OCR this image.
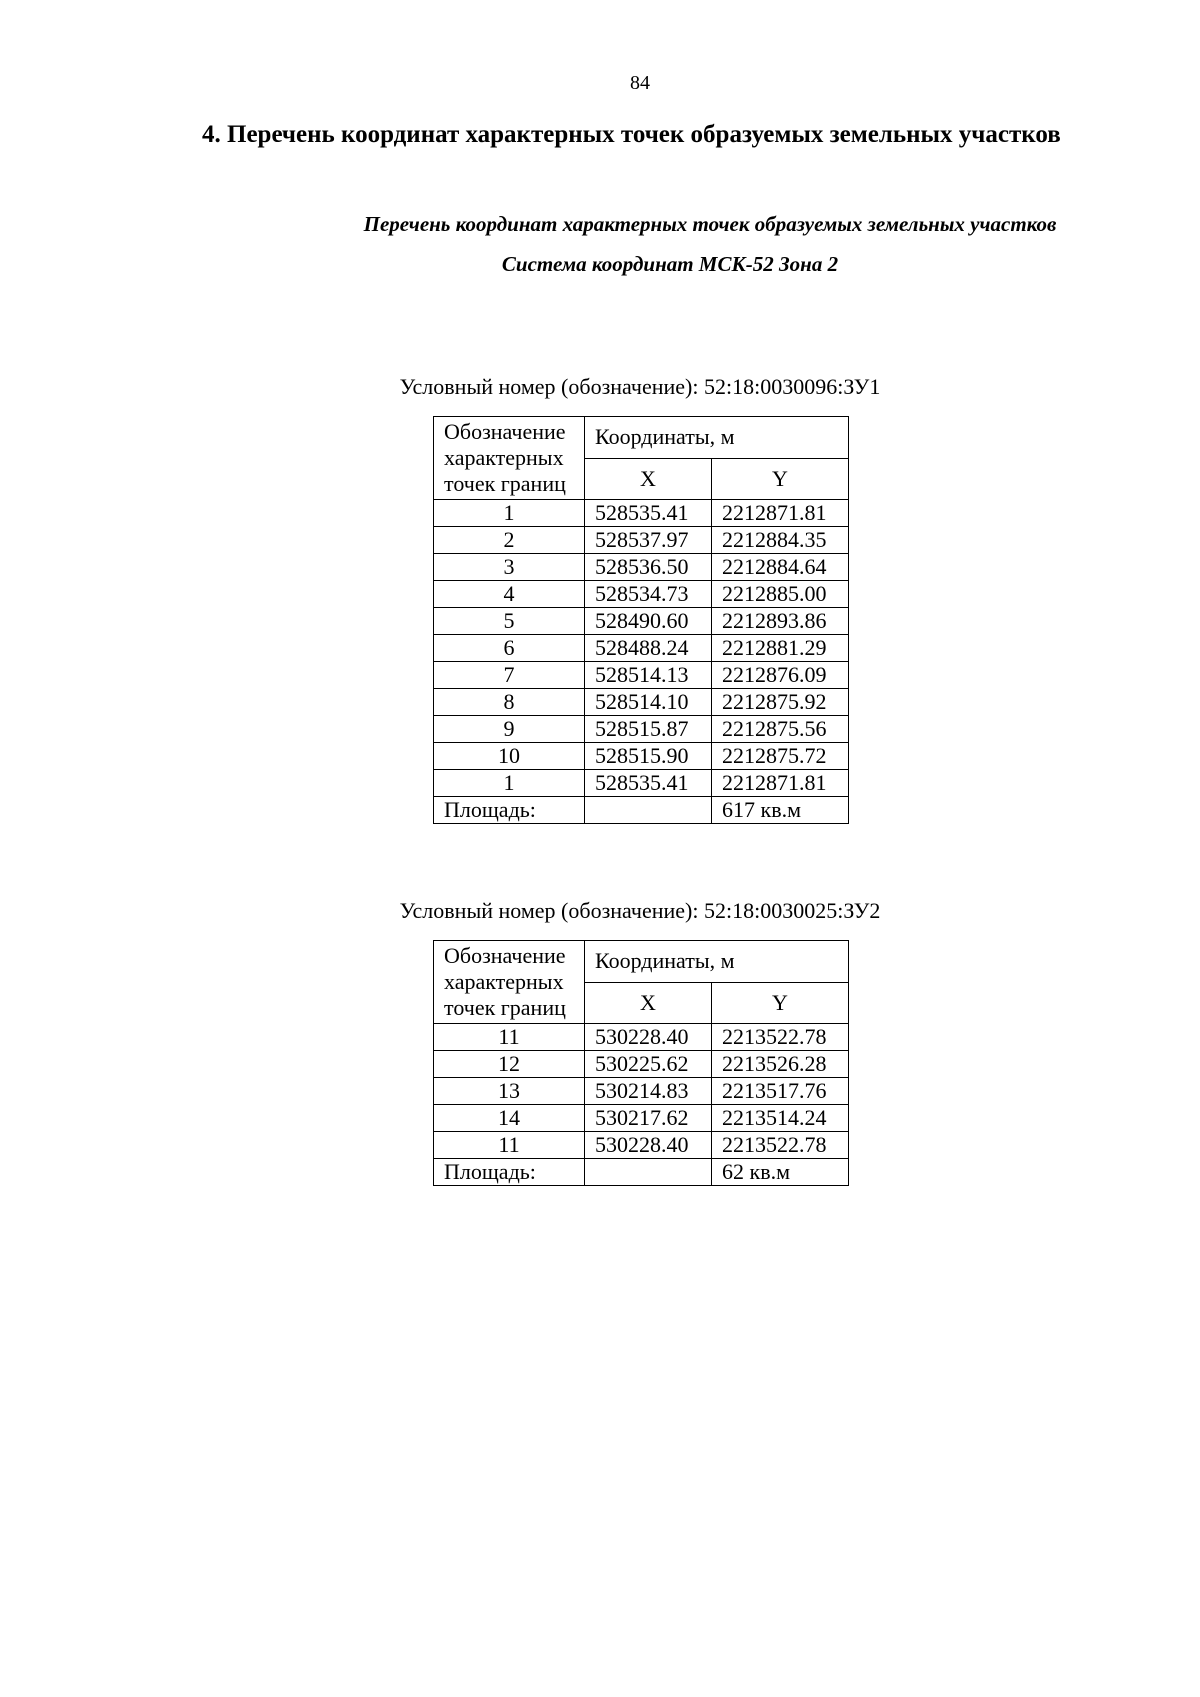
84
4. Перечень координат характерных точек образуемых земельных участков

Перечень координат характерных точек образуемых земельных участков

Система координат МСК-52 Зона 2

Условный номер (обозначение): 52:18:0030096:ЗУ1

Обозначение характерных точек границ	Координаты, м	
	X	Y
1	528535.41	2212871.81
2	528537.97	2212884.35
3	528536.50	2212884.64
4	528534.73	2212885.00
5	528490.60	2212893.86
6	528488.24	2212881.29
7	528514.13	2212876.09
8	528514.10	2212875.92
9	528515.87	2212875.56
10	528515.90	2212875.72
1	528535.41	2212871.81
Площадь:		617 кв.м

Условный номер (обозначение): 52:18:0030025:ЗУ2

Обозначение характерных точек границ	Координаты, м	
	X	Y
11	530228.40	2213522.78
12	530225.62	2213526.28
13	530214.83	2213517.76
14	530217.62	2213514.24
11	530228.40	2213522.78
Площадь:		62 кв.м
